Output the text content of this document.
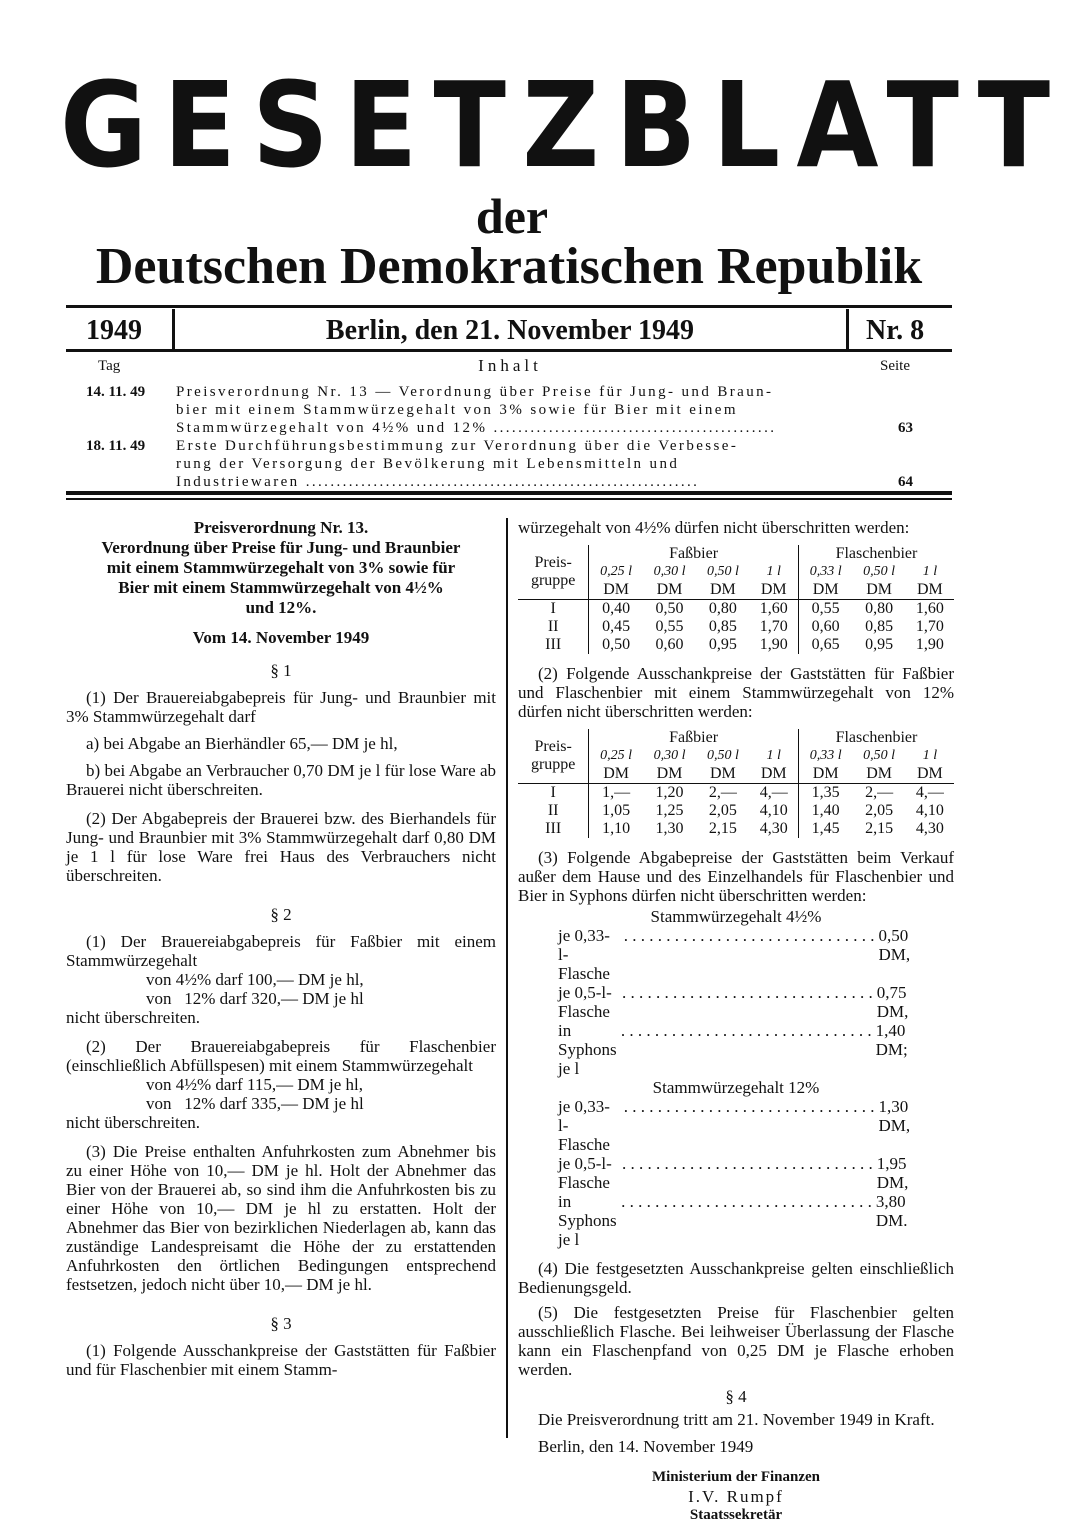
GESETZBLATT
der
Deutschen Demokratischen Republik
1949	Berlin, den 21. November 1949	Nr. 8
Tag	Inhalt	Seite
14. 11. 49 Preisverordnung Nr. 13 — Verordnung über Preise für Jung- und Braun-
bier mit einem Stammwürzegehalt von 3% sowie für Bier mit einem
Stammwürzegehalt von 4½% und 12% ..............................................	63
18. 11. 49 Erste Durchführungsbestimmung zur Verordnung über die Verbesse-
rung der Versorgung der Bevölkerung mit Lebensmitteln und
Industriewaren ................................................................	64
Preisverordnung Nr. 13.
Verordnung über Preise für Jung- und Braunbier
mit einem Stammwürzegehalt von 3% sowie für
Bier mit einem Stammwürzegehalt von 4½%
und 12%.
Vom 14. November 1949
§ 1
(1) Der Brauereiabgabepreis für Jung- und Braunbier mit 3% Stammwürzegehalt darf
a) bei Abgabe an Bierhändler 65,— DM je hl,
b) bei Abgabe an Verbraucher 0,70 DM je l für lose Ware ab Brauerei nicht überschreiten.
(2) Der Abgabepreis der Brauerei bzw. des Bierhandels für Jung- und Braunbier mit 3% Stammwürzegehalt darf 0,80 DM je 1 l für lose Ware frei Haus des Verbrauchers nicht überschreiten.
§ 2
(1) Der Brauereiabgabepreis für Faßbier mit einem Stammwürzegehalt
von 4½% darf 100,— DM je hl,
von   12% darf 320,— DM je hl
nicht überschreiten.
(2) Der Brauereiabgabepreis für Flaschenbier (einschließlich Abfüllspesen) mit einem Stammwürzegehalt
von 4½% darf 115,— DM je hl,
von   12% darf 335,— DM je hl
nicht überschreiten.
(3) Die Preise enthalten Anfuhrkosten zum Abnehmer bis zu einer Höhe von 10,— DM je hl. Holt der Abnehmer das Bier von der Brauerei ab, so sind ihm die Anfuhrkosten bis zu einer Höhe von 10,— DM je hl zu erstatten. Holt der Abnehmer das Bier von bezirklichen Niederlagen ab, kann das zuständige Landespreisamt die Höhe der zu erstattenden Anfuhrkosten den örtlichen Bedingungen entsprechend festsetzen, jedoch nicht über 10,— DM je hl.
§ 3
(1) Folgende Ausschankpreise der Gaststätten für Faßbier und für Flaschenbier mit einem Stamm-
würzegehalt von 4½% dürfen nicht überschritten werden:
Preis-
gruppe	Faßbier				Flaschenbier		
	0,25 l	0,30 l	0,50 l	1 l	0,33 l	0,50 l	1 l
	DM	DM	DM	DM	DM	DM	DM
I	0,40	0,50	0,80	1,60	0,55	0,80	1,60
II	0,45	0,55	0,85	1,70	0,60	0,85	1,70
III	0,50	0,60	0,95	1,90	0,65	0,95	1,90
(2) Folgende Ausschankpreise der Gaststätten für Faßbier und Flaschenbier mit einem Stammwürzegehalt von 12% dürfen nicht überschritten werden:
Preis-
gruppe	Faßbier				Flaschenbier		
	0,25 l	0,30 l	0,50 l	1 l	0,33 l	0,50 l	1 l
	DM	DM	DM	DM	DM	DM	DM
I	1,—	1,20	2,—	4,—	1,35	2,—	4,—
II	1,05	1,25	2,05	4,10	1,40	2,05	4,10
III	1,10	1,30	2,15	4,30	1,45	2,15	4,30
(3) Folgende Abgabepreise der Gaststätten beim Verkauf außer dem Hause und des Einzelhandels für Flaschenbier und Bier in Syphons dürfen nicht überschritten werden:
Stammwürzegehalt 4½%
je 0,33-l-Flasche
. . . . . . . . . . . . . . . . . . . . . . . . . . . . . . 0,50 DM,
je 0,5-l-Flasche
. . . . . . . . . . . . . . . . . . . . . . . . . . . . . . 0,75 DM,
in Syphons je l
. . . . . . . . . . . . . . . . . . . . . . . . . . . . . . 1,40 DM;
Stammwürzegehalt 12%
je 0,33-l-Flasche
. . . . . . . . . . . . . . . . . . . . . . . . . . . . . . 1,30 DM,
je 0,5-l-Flasche
. . . . . . . . . . . . . . . . . . . . . . . . . . . . . . 1,95 DM,
in Syphons je l
. . . . . . . . . . . . . . . . . . . . . . . . . . . . . . 3,80 DM.
(4) Die festgesetzten Ausschankpreise gelten einschließlich Bedienungsgeld.
(5) Die festgesetzten Preise für Flaschenbier gelten ausschließlich Flasche. Bei leihweiser Überlassung der Flasche kann ein Flaschenpfand von 0,25 DM je Flasche erhoben werden.
§ 4
Die Preisverordnung tritt am 21. November 1949 in Kraft.
Berlin, den 14. November 1949
Ministerium der Finanzen
I.V. Rumpf
Staatssekretär
